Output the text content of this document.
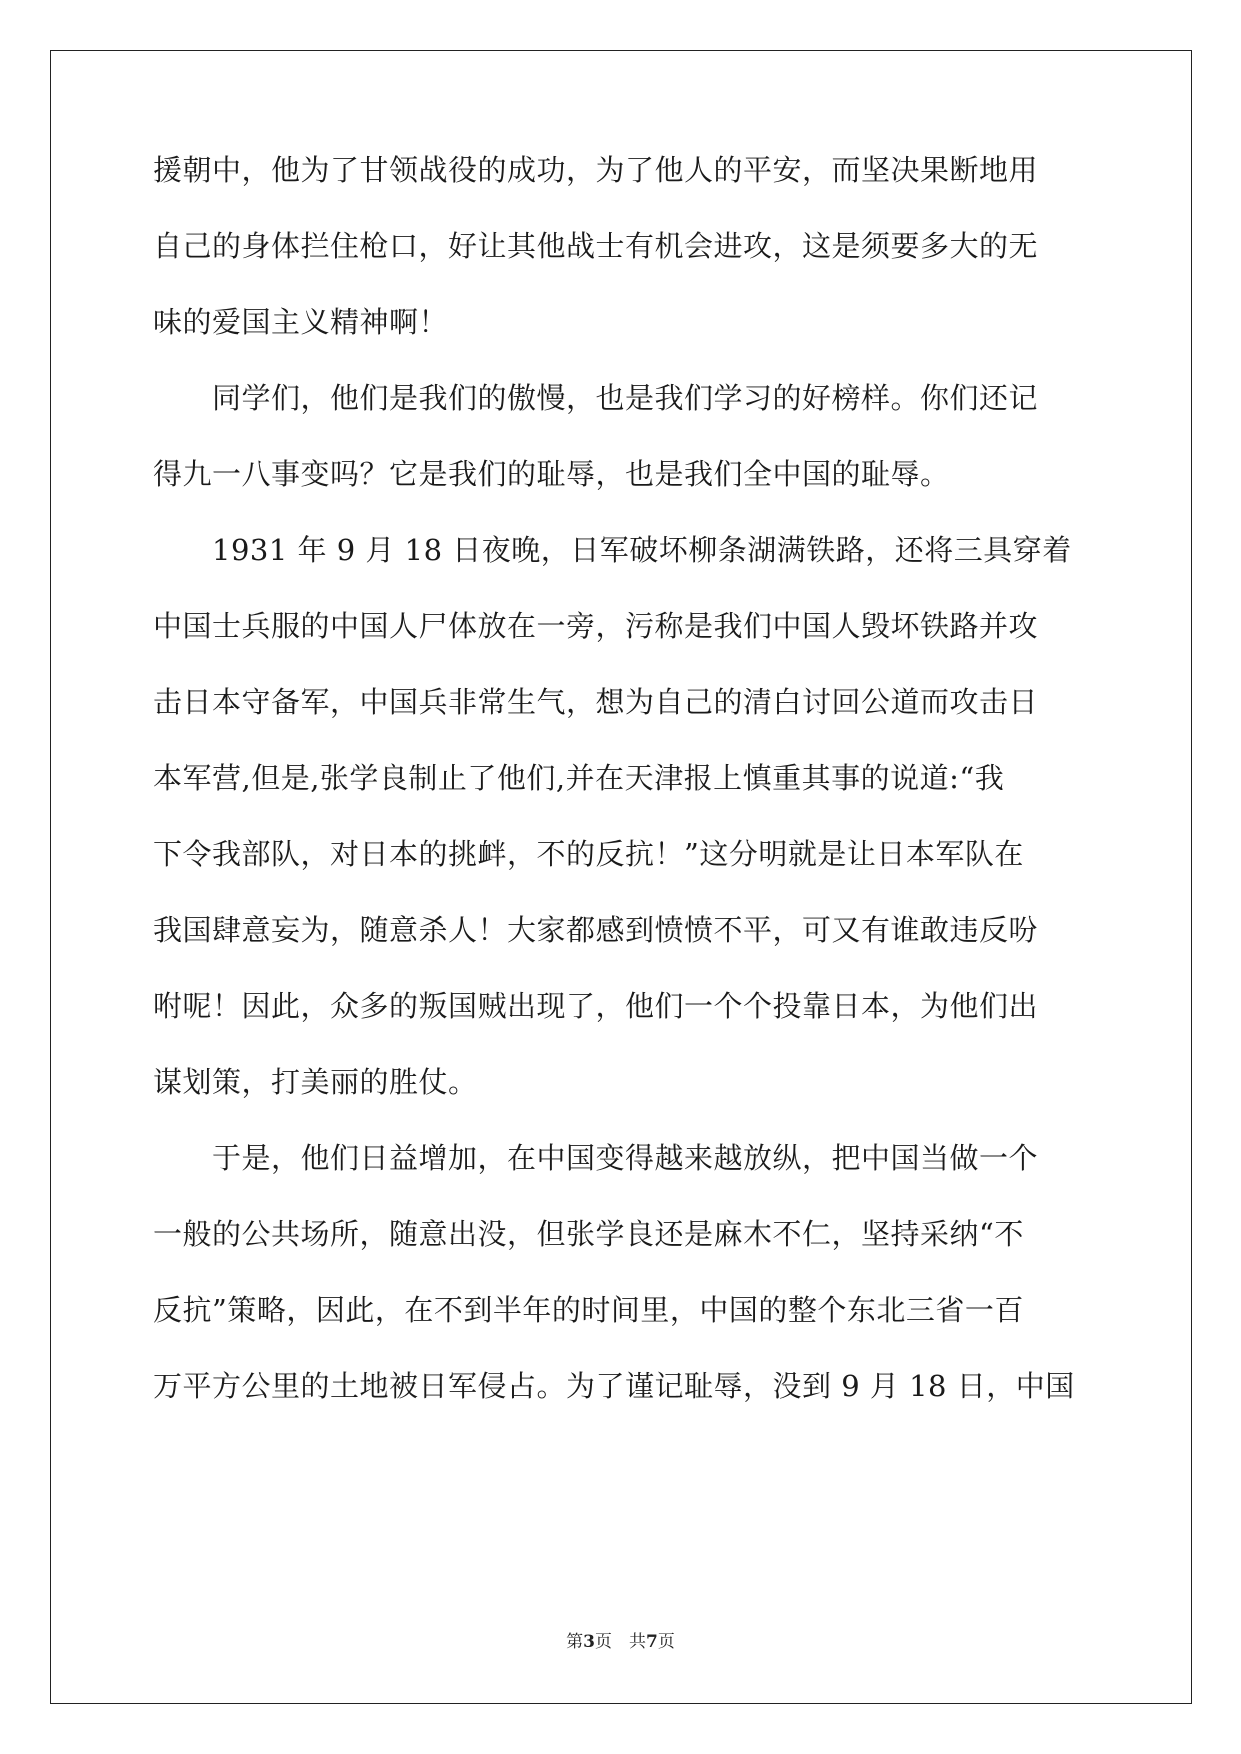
援朝中，他为了甘领战役的成功，为了他人的平安，而坚决果断地用
自己的身体拦住枪口，好让其他战士有机会进攻，这是须要多大的无
味的爱国主义精神啊！
　　同学们，他们是我们的傲慢，也是我们学习的好榜样。你们还记
得九一八事变吗？它是我们的耻辱，也是我们全中国的耻辱。
　　1931 年 9 月 18 日夜晚，日军破坏柳条湖满铁路，还将三具穿着
中国士兵服的中国人尸体放在一旁，污称是我们中国人毁坏铁路并攻
击日本守备军，中国兵非常生气，想为自己的清白讨回公道而攻击日
本军营,但是,张学良制止了他们,并在天津报上慎重其事的说道:“我
下令我部队，对日本的挑衅，不的反抗！”这分明就是让日本军队在
我国肆意妄为，随意杀人！大家都感到愤愤不平，可又有谁敢违反吩
咐呢！因此，众多的叛国贼出现了，他们一个个投靠日本，为他们出
谋划策，打美丽的胜仗。
　　于是，他们日益增加，在中国变得越来越放纵，把中国当做一个
一般的公共场所，随意出没，但张学良还是麻木不仁，坚持采纳“不
反抗”策略，因此，在不到半年的时间里，中国的整个东北三省一百
万平方公里的土地被日军侵占。为了谨记耻辱，没到 9 月 18 日，中国
第3页　共7页
